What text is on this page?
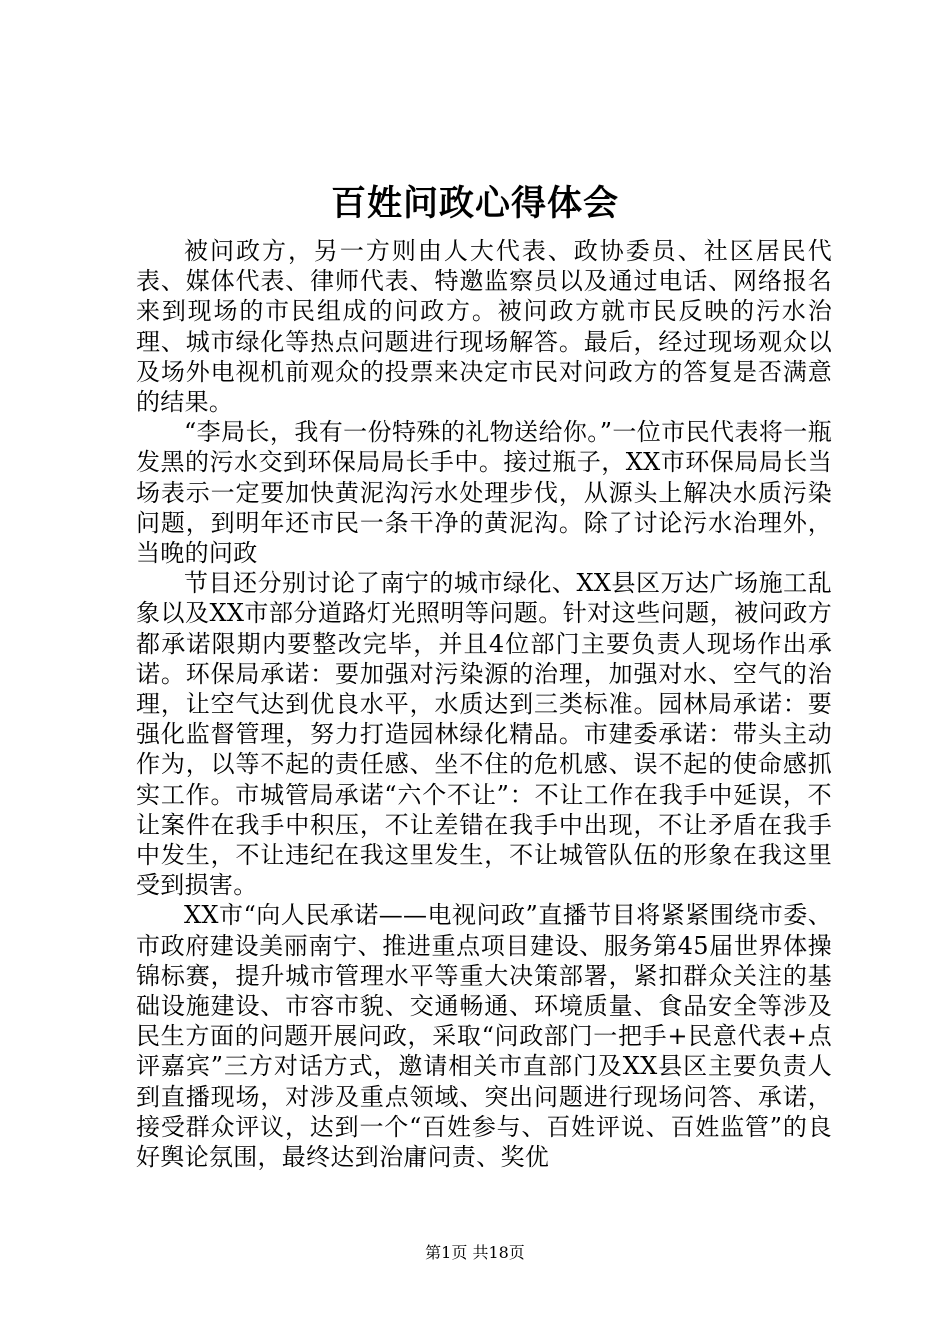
百姓问政心得体会

被问政方，另一方则由人大代表、政协委员、社区居民代表、媒体代表、律师代表、特邀监察员以及通过电话、网络报名来到现场的市民组成的问政方。被问政方就市民反映的污水治理、城市绿化等热点问题进行现场解答。最后，经过现场观众以及场外电视机前观众的投票来决定市民对问政方的答复是否满意的结果。

“李局长，我有一份特殊的礼物送给你。”一位市民代表将一瓶发黑的污水交到环保局局长手中。接过瓶子，XX市环保局局长当场表示一定要加快黄泥沟污水处理步伐，从源头上解决水质污染问题，到明年还市民一条干净的黄泥沟。除了讨论污水治理外，当晚的问政

节目还分别讨论了南宁的城市绿化、XX县区万达广场施工乱象以及XX市部分道路灯光照明等问题。针对这些问题，被问政方都承诺限期内要整改完毕，并且4位部门主要负责人现场作出承诺。环保局承诺：要加强对污染源的治理，加强对水、空气的治理，让空气达到优良水平，水质达到三类标准。园林局承诺：要强化监督管理，努力打造园林绿化精品。市建委承诺：带头主动作为，以等不起的责任感、坐不住的危机感、误不起的使命感抓实工作。市城管局承诺“六个不让”：不让工作在我手中延误，不让案件在我手中积压，不让差错在我手中出现，不让矛盾在我手中发生，不让违纪在我这里发生，不让城管队伍的形象在我这里受到损害。

XX市“向人民承诺——电视问政”直播节目将紧紧围绕市委、市政府建设美丽南宁、推进重点项目建设、服务第45届世界体操锦标赛，提升城市管理水平等重大决策部署，紧扣群众关注的基础设施建设、市容市貌、交通畅通、环境质量、食品安全等涉及民生方面的问题开展问政，采取“问政部门一把手+民意代表+点评嘉宾”三方对话方式，邀请相关市直部门及XX县区主要负责人到直播现场，对涉及重点领域、突出问题进行现场问答、承诺，接受群众评议，达到一个“百姓参与、百姓评说、百姓监管”的良好舆论氛围，最终达到治庸问责、奖优

第1页 共18页
